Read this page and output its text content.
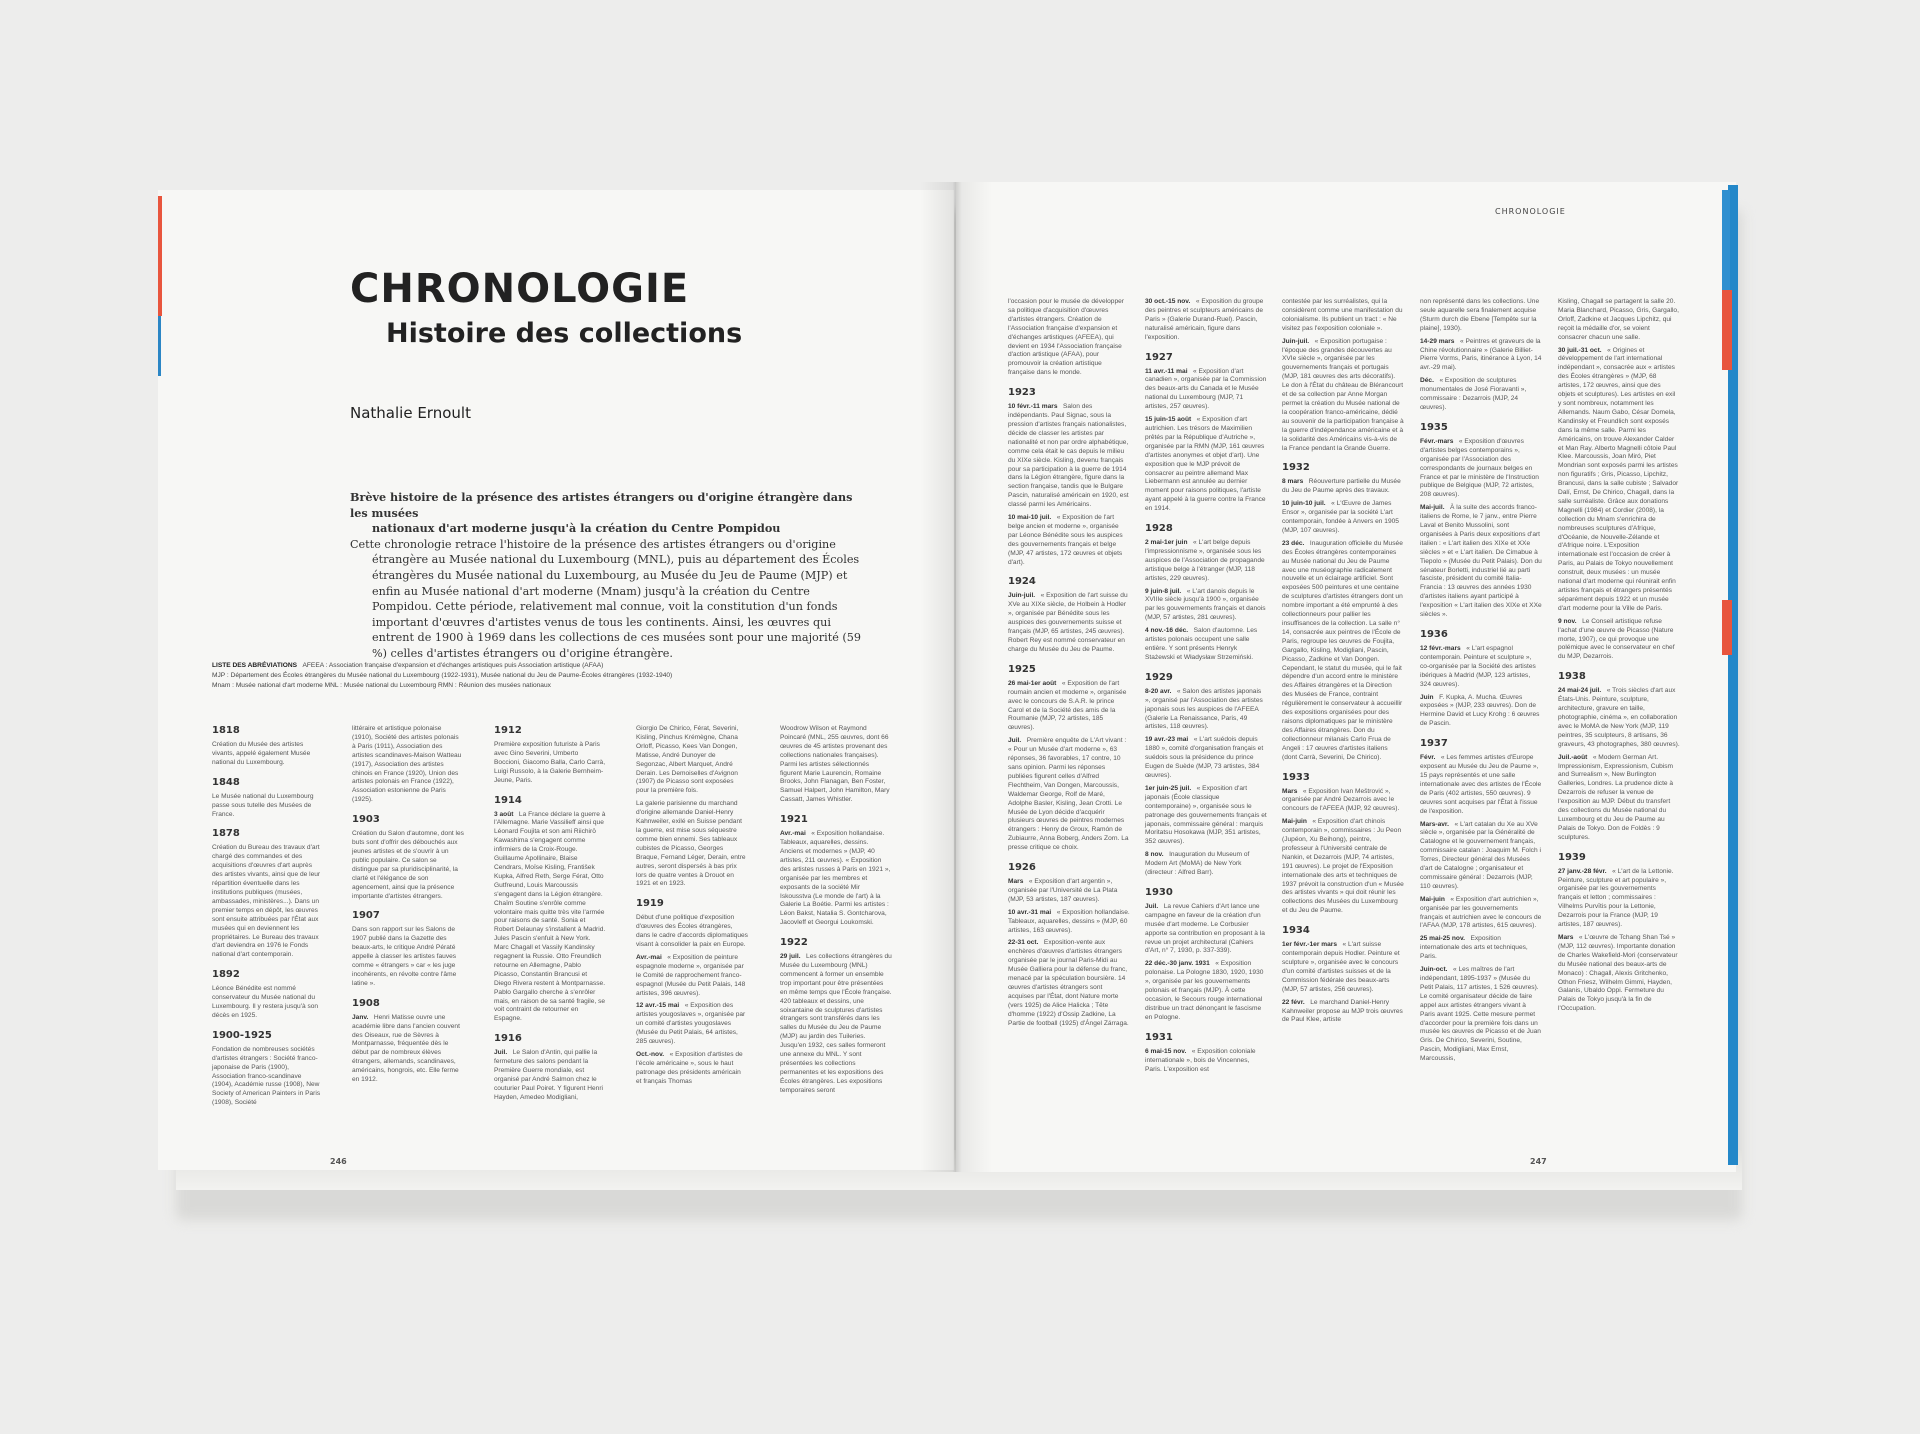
CHRONOLOGIE
Histoire des collections

Nathalie Ernoult

Brève histoire de la présence des artistes étrangers ou d'origine étrangère dans les musées
nationaux d'art moderne jusqu'à la création du Centre Pompidou
Cette chronologie retrace l'histoire de la présence des artistes étrangers ou d'origine étrangère au Musée national du Luxembourg (MNL), puis au département des Écoles étrangères du Musée national du Luxembourg, au Musée du Jeu de Paume (MJP) et enfin au Musée national d'art moderne (Mnam) jusqu'à la création du Centre Pompidou. Cette période, relativement mal connue, voit la constitution d'un fonds important d'œuvres d'artistes venus de tous les continents. Ainsi, les œuvres qui entrent de 1900 à 1969 dans les collections de ces musées sont pour une majorité (59 %) celles d'artistes étrangers ou d'origine étrangère.
LISTE DES ABRÉVIATIONS AFEEA : Association française d'expansion et d'échanges artistiques puis Association artistique (AFAA)
MJP : Département des Écoles étrangères du Musée national du Luxembourg (1922-1931), Musée national du Jeu de Paume-Écoles étrangères (1932-1940)
Mnam : Musée national d'art moderne MNL : Musée national du Luxembourg RMN : Réunion des musées nationaux
1818

Création du Musée des artistes vivants, appelé également Musée national du Luxembourg.

1848

Le Musée national du Luxembourg passe sous tutelle des Musées de France.

1878

Création du Bureau des travaux d'art chargé des commandes et des acquisitions d'œuvres d'art auprès des artistes vivants, ainsi que de leur répartition éventuelle dans les institutions publiques (musées, ambassades, ministères...). Dans un premier temps en dépôt, les œuvres sont ensuite attribuées par l'État aux musées qui en deviennent les propriétaires. Le Bureau des travaux d'art deviendra en 1976 le Fonds national d'art contemporain.

1892

Léonce Bénédite est nommé conservateur du Musée national du Luxembourg. Il y restera jusqu'à son décès en 1925.

1900-1925

Fondation de nombreuses sociétés d'artistes étrangers : Société franco-japonaise de Paris (1900), Association franco-scandinave (1904), Académie russe (1908), New Society of American Painters in Paris (1908), Société

littéraire et artistique polonaise (1910), Société des artistes polonais à Paris (1911), Association des artistes scandinaves-Maison Watteau (1917), Association des artistes chinois en France (1920), Union des artistes polonais en France (1922), Association estonienne de Paris (1925).

1903

Création du Salon d'automne, dont les buts sont d'offrir des débouchés aux jeunes artistes et de s'ouvrir à un public populaire. Ce salon se distingue par sa pluridisciplinarité, la clarté et l'élégance de son agencement, ainsi que la présence importante d'artistes étrangers.

1907

Dans son rapport sur les Salons de 1907 publié dans la Gazette des beaux-arts, le critique André Pératé appelle à classer les artistes fauves comme « étrangers » car « les juge incohérents, en révolte contre l'âme latine ».

1908

Janv. Henri Matisse ouvre une académie libre dans l'ancien couvent des Oiseaux, rue de Sèvres à Montparnasse, fréquentée dès le début par de nombreux élèves étrangers, allemands, scandinaves, américains, hongrois, etc. Elle ferme en 1912.

1912

Première exposition futuriste à Paris avec Gino Severini, Umberto Boccioni, Giacomo Balla, Carlo Carrà, Luigi Russolo, à la Galerie Bernheim-Jeune, Paris.

1914

3 août La France déclare la guerre à l'Allemagne. Marie Vassilieff ainsi que Léonard Foujita et son ami Riichirō Kawashima s'engagent comme infirmiers de la Croix-Rouge. Guillaume Apollinaire, Blaise Cendrars, Moïse Kisling, František Kupka, Alfred Reth, Serge Férat, Otto Gutfreund, Louis Marcoussis s'engagent dans la Légion étrangère. Chaïm Soutine s'enrôle comme volontaire mais quitte très vite l'armée pour raisons de santé. Sonia et Robert Delaunay s'installent à Madrid. Jules Pascin s'enfuit à New York. Marc Chagall et Vassily Kandinsky regagnent la Russie. Otto Freundlich retourne en Allemagne, Pablo Picasso, Constantin Brancusi et Diego Rivera restent à Montparnasse. Pablo Gargallo cherche à s'enrôler mais, en raison de sa santé fragile, se voit contraint de retourner en Espagne.

1916

Juil. Le Salon d'Antin, qui pallie la fermeture des salons pendant la Première Guerre mondiale, est organisé par André Salmon chez le couturier Paul Poiret. Y figurent Henri Hayden, Amedeo Modigliani,

Giorgio De Chirico, Férat, Severini, Kisling, Pinchus Krémègne, Chana Orloff, Picasso, Kees Van Dongen, Matisse, André Dunoyer de Segonzac, Albert Marquet, André Derain. Les Demoiselles d'Avignon (1907) de Picasso sont exposées pour la première fois.

La galerie parisienne du marchand d'origine allemande Daniel-Henry Kahnweiler, exilé en Suisse pendant la guerre, est mise sous séquestre comme bien ennemi. Ses tableaux cubistes de Picasso, Georges Braque, Fernand Léger, Derain, entre autres, seront dispersés à bas prix lors de quatre ventes à Drouot en 1921 et en 1923.

1919

Début d'une politique d'exposition d'œuvres des Écoles étrangères, dans le cadre d'accords diplomatiques visant à consolider la paix en Europe.

Avr.-mai « Exposition de peinture espagnole moderne », organisée par le Comité de rapprochement franco-espagnol (Musée du Petit Palais, 148 artistes, 396 œuvres).

12 avr.-15 mai « Exposition des artistes yougoslaves », organisée par un comité d'artistes yougoslaves (Musée du Petit Palais, 64 artistes, 285 œuvres).

Oct.-nov. « Exposition d'artistes de l'école américaine », sous le haut patronage des présidents américain et français Thomas

Woodrow Wilson et Raymond Poincaré (MNL, 255 œuvres, dont 66 œuvres de 45 artistes provenant des collections nationales françaises). Parmi les artistes sélectionnés figurent Marie Laurencin, Romaine Brooks, John Flanagan, Ben Foster, Samuel Halpert, John Hamilton, Mary Cassatt, James Whistler.

1921

Avr.-mai « Exposition hollandaise. Tableaux, aquarelles, dessins. Anciens et modernes » (MJP, 40 artistes, 211 œuvres). « Exposition des artistes russes à Paris en 1921 », organisée par les membres et exposants de la société Mir Iskousstva (Le monde de l'art) à la Galerie La Boétie. Parmi les artistes : Léon Bakst, Natalia S. Gontcharova, Jacovleff et Georgui Loukomski.

1922

29 juil. Les collections étrangères du Musée du Luxembourg (MNL) commencent à former un ensemble trop important pour être présentées en même temps que l'École française. 420 tableaux et dessins, une soixantaine de sculptures d'artistes étrangers sont transférés dans les salles du Musée du Jeu de Paume (MJP) au jardin des Tuileries. Jusqu'en 1932, ces salles formeront une annexe du MNL. Y sont présentées les collections permanentes et les expositions des Écoles étrangères. Les expositions temporaires seront

246
CHRONOLOGIE

l'occasion pour le musée de développer sa politique d'acquisition d'œuvres d'artistes étrangers. Création de l'Association française d'expansion et d'échanges artistiques (AFEEA), qui devient en 1934 l'Association française d'action artistique (AFAA), pour promouvoir la création artistique française dans le monde.

1923

10 févr.-11 mars Salon des indépendants. Paul Signac, sous la pression d'artistes français nationalistes, décide de classer les artistes par nationalité et non par ordre alphabétique, comme cela était le cas depuis le milieu du XIXe siècle. Kisling, devenu français pour sa participation à la guerre de 1914 dans la Légion étrangère, figure dans la section française, tandis que le Bulgare Pascin, naturalisé américain en 1920, est classé parmi les Américains.

10 mai-10 juil. « Exposition de l'art belge ancien et moderne », organisée par Léonce Bénédite sous les auspices des gouvernements français et belge (MJP, 47 artistes, 172 œuvres et objets d'art).

1924

Juin-juil. « Exposition de l'art suisse du XVe au XIXe siècle, de Holbein à Hodler », organisée par Bénédite sous les auspices des gouvernements suisse et français (MJP, 65 artistes, 245 œuvres). Robert Rey est nommé conservateur en charge du Musée du Jeu de Paume.

1925

26 mai-1er août « Exposition de l'art roumain ancien et moderne », organisée avec le concours de S.A.R. le prince Carol et de la Société des amis de la Roumanie (MJP, 72 artistes, 185 œuvres).

Juil. Première enquête de L'Art vivant : « Pour un Musée d'art moderne », 63 réponses, 36 favorables, 17 contre, 10 sans opinion. Parmi les réponses publiées figurent celles d'Alfred Flechtheim, Van Dongen, Marcoussis, Waldemar George, Rolf de Maré, Adolphe Basler, Kisling, Jean Crotti. Le Musée de Lyon décide d'acquérir plusieurs œuvres de peintres modernes étrangers : Henry de Groux, Ramón de Zubiaurre, Anna Boberg, Anders Zorn. La presse critique ce choix.

1926

Mars « Exposition d'art argentin », organisée par l'Université de La Plata (MJP, 53 artistes, 187 œuvres).

10 avr.-31 mai « Exposition hollandaise. Tableaux, aquarelles, dessins » (MJP, 60 artistes, 163 œuvres).

22-31 oct. Exposition-vente aux enchères d'œuvres d'artistes étrangers organisée par le journal Paris-Midi au Musée Galliera pour la défense du franc, menacé par la spéculation boursière. 14 œuvres d'artistes étrangers sont acquises par l'État, dont Nature morte (vers 1925) de Alice Halicka ; Tête d'homme (1922) d'Ossip Zadkine, La Partie de football (1925) d'Ángel Zárraga.

30 oct.-15 nov. « Exposition du groupe des peintres et sculpteurs américains de Paris » (Galerie Durand-Ruel). Pascin, naturalisé américain, figure dans l'exposition.

1927

11 avr.-11 mai « Exposition d'art canadien », organisée par la Commission des beaux-arts du Canada et le Musée national du Luxembourg (MJP, 71 artistes, 257 œuvres).

15 juin-15 août « Exposition d'art autrichien. Les trésors de Maximilien prêtés par la République d'Autriche », organisée par la RMN (MJP, 161 œuvres d'artistes anonymes et objet d'art). Une exposition que le MJP prévoit de consacrer au peintre allemand Max Liebermann est annulée au dernier moment pour raisons politiques, l'artiste ayant appelé à la guerre contre la France en 1914.

1928

2 mai-1er juin « L'art belge depuis l'impressionnisme », organisée sous les auspices de l'Association de propagande artistique belge à l'étranger (MJP, 118 artistes, 229 œuvres).

9 juin-8 juil. « L'art danois depuis le XVIIIe siècle jusqu'à 1900 », organisée par les gouvernements français et danois (MJP, 57 artistes, 281 œuvres).

4 nov.-16 déc. Salon d'automne. Les artistes polonais occupent une salle entière. Y sont présents Henryk Stażewski et Władysław Strzemiński.

1929

8-20 avr. « Salon des artistes japonais », organisé par l'Association des artistes japonais sous les auspices de l'AFEEA (Galerie La Renaissance, Paris, 49 artistes, 118 œuvres).

19 avr.-23 mai « L'art suédois depuis 1880 », comité d'organisation français et suédois sous la présidence du prince Eugen de Suède (MJP, 73 artistes, 384 œuvres).

1er juin-25 juil. « Exposition d'art japonais (École classique contemporaine) », organisée sous le patronage des gouvernements français et japonais, commissaire général : marquis Moritatsu Hosokawa (MJP, 351 artistes, 352 œuvres).

8 nov. Inauguration du Museum of Modern Art (MoMA) de New York (directeur : Alfred Barr).

1930

Juil. La revue Cahiers d'Art lance une campagne en faveur de la création d'un musée d'art moderne. Le Corbusier apporte sa contribution en proposant à la revue un projet architectural (Cahiers d'Art, n° 7, 1930, p. 337-339).

22 déc.-30 janv. 1931 « Exposition polonaise. La Pologne 1830, 1920, 1930 », organisée par les gouvernements polonais et français (MJP). À cette occasion, le Secours rouge international distribue un tract dénonçant le fascisme en Pologne.

1931

6 mai-15 nov. « Exposition coloniale internationale », bois de Vincennes, Paris. L'exposition est

contestée par les surréalistes, qui la considèrent comme une manifestation du colonialisme. Ils publient un tract : « Ne visitez pas l'exposition coloniale ».

Juin-juil. « Exposition portugaise : l'époque des grandes découvertes au XVIe siècle », organisée par les gouvernements français et portugais (MJP, 181 œuvres des arts décoratifs). Le don à l'État du château de Blérancourt et de sa collection par Anne Morgan permet la création du Musée national de la coopération franco-américaine, dédié au souvenir de la participation française à la guerre d'indépendance américaine et à la solidarité des Américains vis-à-vis de la France pendant la Grande Guerre.

1932

8 mars Réouverture partielle du Musée du Jeu de Paume après des travaux.

10 juin-10 juil. « L'Œuvre de James Ensor », organisée par la société L'art contemporain, fondée à Anvers en 1905 (MJP, 107 œuvres).

23 déc. Inauguration officielle du Musée des Écoles étrangères contemporaines au Musée national du Jeu de Paume avec une muséographie radicalement nouvelle et un éclairage artificiel. Sont exposées 500 peintures et une centaine de sculptures d'artistes étrangers dont un nombre important a été emprunté à des collectionneurs pour pallier les insuffisances de la collection. La salle n° 14, consacrée aux peintres de l'École de Paris, regroupe les œuvres de Foujita, Gargallo, Kisling, Modigliani, Pascin, Picasso, Zadkine et Van Dongen. Cependant, le statut du musée, qui le fait dépendre d'un accord entre le ministère des Affaires étrangères et la Direction des Musées de France, contraint régulièrement le conservateur à accueillir des expositions organisées pour des raisons diplomatiques par le ministère des Affaires étrangères. Don du collectionneur milanais Carlo Frua de Angeli : 17 œuvres d'artistes italiens (dont Carrà, Severini, De Chirico).

1933

Mars « Exposition Ivan Meštrović », organisée par André Dezarrois avec le concours de l'AFEEA (MJP, 92 œuvres).

Mai-juin « Exposition d'art chinois contemporain », commissaires : Ju Peon (Jupéon, Xu Beihong), peintre, professeur à l'Université centrale de Nankin, et Dezarrois (MJP, 74 artistes, 191 œuvres). Le projet de l'Exposition internationale des arts et techniques de 1937 prévoit la construction d'un « Musée des artistes vivants » qui doit réunir les collections des Musées du Luxembourg et du Jeu de Paume.

1934

1er févr.-1er mars « L'art suisse contemporain depuis Hodler. Peinture et sculpture », organisée avec le concours d'un comité d'artistes suisses et de la Commission fédérale des beaux-arts (MJP, 57 artistes, 256 œuvres).

22 févr. Le marchand Daniel-Henry Kahnweiler propose au MJP trois œuvres de Paul Klee, artiste

non représenté dans les collections. Une seule aquarelle sera finalement acquise (Sturm durch die Ebene [Tempête sur la plaine], 1930).

14-29 mars « Peintres et graveurs de la Chine révolutionnaire » (Galerie Billiet-Pierre Vorms, Paris, itinérance à Lyon, 14 avr.-29 mai).

Déc. « Exposition de sculptures monumentales de José Fioravanti », commissaire : Dezarrois (MJP, 24 œuvres).

1935

Févr.-mars « Exposition d'œuvres d'artistes belges contemporains », organisée par l'Association des correspondants de journaux belges en France et par le ministère de l'Instruction publique de Belgique (MJP, 72 artistes, 208 œuvres).

Mai-juil. À la suite des accords franco-italiens de Rome, le 7 janv., entre Pierre Laval et Benito Mussolini, sont organisées à Paris deux expositions d'art italien : « L'art italien des XIXe et XXe siècles » et « L'art italien. De Cimabue à Tiepolo » (Musée du Petit Palais). Don du sénateur Borletti, industriel lié au parti fasciste, président du comité Italia-Francia : 13 œuvres des années 1930 d'artistes italiens ayant participé à l'exposition « L'art italien des XIXe et XXe siècles ».

1936

12 févr.-mars « L'art espagnol contemporain. Peinture et sculpture », co-organisée par la Société des artistes ibériques à Madrid (MJP, 123 artistes, 324 œuvres).

Juin F. Kupka, A. Mucha. Œuvres exposées » (MJP, 233 œuvres). Don de Hermine David et Lucy Krohg : 6 œuvres de Pascin.

1937

Févr. « Les femmes artistes d'Europe exposent au Musée du Jeu de Paume », 15 pays représentés et une salle internationale avec des artistes de l'École de Paris (402 artistes, 550 œuvres). 9 œuvres sont acquises par l'État à l'issue de l'exposition.

Mars-avr. « L'art catalan du Xe au XVe siècle », organisée par la Généralité de Catalogne et le gouvernement français, commissaire catalan : Joaquim M. Folch i Torres, Directeur général des Musées d'art de Catalogne ; organisateur et commissaire général : Dezarrois (MJP, 110 œuvres).

Mai-juin « Exposition d'art autrichien », organisée par les gouvernements français et autrichien avec le concours de l'AFAA (MJP, 178 artistes, 615 œuvres).

25 mai-25 nov. Exposition internationale des arts et techniques, Paris.

Juin-oct. « Les maîtres de l'art indépendant, 1895-1937 » (Musée du Petit Palais, 117 artistes, 1 526 œuvres). Le comité organisateur décide de faire appel aux artistes étrangers vivant à Paris avant 1925. Cette mesure permet d'accorder pour la première fois dans un musée les œuvres de Picasso et de Juan Gris. De Chirico, Severini, Soutine, Pascin, Modigliani, Max Ernst, Marcoussis,

Kisling, Chagall se partagent la salle 20. Maria Blanchard, Picasso, Gris, Gargallo, Orloff, Zadkine et Jacques Lipchitz, qui reçoit la médaille d'or, se voient consacrer chacun une salle.

30 juil.-31 oct. « Origines et développement de l'art international indépendant », consacrée aux « artistes des Écoles étrangères » (MJP, 68 artistes, 172 œuvres, ainsi que des objets et sculptures). Les artistes en exil y sont nombreux, notamment les Allemands. Naum Gabo, César Domela, Kandinsky et Freundlich sont exposés dans la même salle. Parmi les Américains, on trouve Alexander Calder et Man Ray. Alberto Magnelli côtoie Paul Klee. Marcoussis, Joan Miró, Piet Mondrian sont exposés parmi les artistes non figuratifs ; Gris, Picasso, Lipchitz, Brancusi, dans la salle cubiste ; Salvador Dalí, Ernst, De Chirico, Chagall, dans la salle surréaliste. Grâce aux donations Magnelli (1984) et Cordier (2008), la collection du Mnam s'enrichira de nombreuses sculptures d'Afrique, d'Océanie, de Nouvelle-Zélande et d'Afrique noire. L'Exposition internationale est l'occasion de créer à Paris, au Palais de Tokyo nouvellement construit, deux musées : un musée national d'art moderne qui réunirait enfin artistes français et étrangers présentés séparément depuis 1922 et un musée d'art moderne pour la Ville de Paris.

9 nov. Le Conseil artistique refuse l'achat d'une œuvre de Picasso (Nature morte, 1907), ce qui provoque une polémique avec le conservateur en chef du MJP, Dezarrois.

1938

24 mai-24 juil. « Trois siècles d'art aux États-Unis. Peinture, sculpture, architecture, gravure en taille, photographie, cinéma », en collaboration avec le MoMA de New York (MJP, 119 peintres, 35 sculpteurs, 8 artisans, 36 graveurs, 43 photographes, 380 œuvres).

Juil.-août « Modern German Art. Impressionism, Expressionism, Cubism and Surrealism », New Burlington Galleries, Londres. La prudence dicte à Dezarrois de refuser la venue de l'exposition au MJP. Début du transfert des collections du Musée national du Luxembourg et du Jeu de Paume au Palais de Tokyo. Don de Foldès : 9 sculptures.

1939

27 janv.-28 févr. « L'art de la Lettonie. Peinture, sculpture et art populaire », organisée par les gouvernements français et letton ; commissaires : Vilhelms Purvītis pour la Lettonie, Dezarrois pour la France (MJP, 19 artistes, 187 œuvres).

Mars « L'œuvre de Tchang Shan Tsé » (MJP, 112 œuvres). Importante donation de Charles Wakefield-Mori (conservateur du Musée national des beaux-arts de Monaco) : Chagall, Alexis Gritchenko, Othon Friesz, Wilhelm Gimmi, Hayden, Galanis, Ubaldo Oppi. Fermeture du Palais de Tokyo jusqu'à la fin de l'Occupation.

247
